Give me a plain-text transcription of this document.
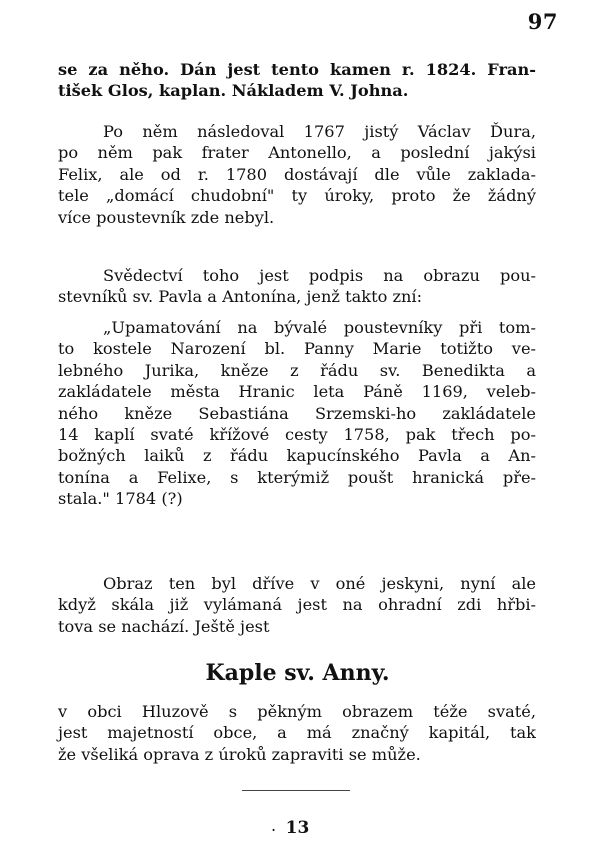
97

se za něho. Dán jest tento kamen r. 1824. Fran-
tišek Glos, kaplan. Nákladem V. Johna.

Po něm následoval 1767 jistý Václav Ďura,
po něm pak frater Antonello, a poslední jakýsi
Felix, ale od r. 1780 dostávají dle vůle zaklada-
tele „domácí chudobní" ty úroky, proto že žádný
více poustevník zde nebyl.

Svědectví toho jest podpis na obrazu pou-
stevníků sv. Pavla a Antonína, jenž takto zní:

„Upamatování na bývalé poustevníky při tom-
to kostele Narození bl. Panny Marie totižto ve-
lebného Jurika, kněze z řádu sv. Benedikta a
zakládatele města Hranic leta Páně 1169, veleb-
ného kněze Sebastiána Srzemski-ho zakládatele
14 kaplí svaté křížové cesty 1758, pak třech po-
božných laiků z řádu kapucínského Pavla a An-
tonína a Felixe, s kterýmiž poušt hranická pře-
stala." 1784 (?)

Obraz ten byl dříve v oné jeskyni, nyní ale
když skála již vylámaná jest na ohradní zdi hřbi-
tova se nachází. Ještě jest

Kaple sv. Anny.

v obci Hluzově s pěkným obrazem téže svaté,
jest majetností obce, a má značný kapitál, tak
že všeliká oprava z úroků zapraviti se může.

. 13
